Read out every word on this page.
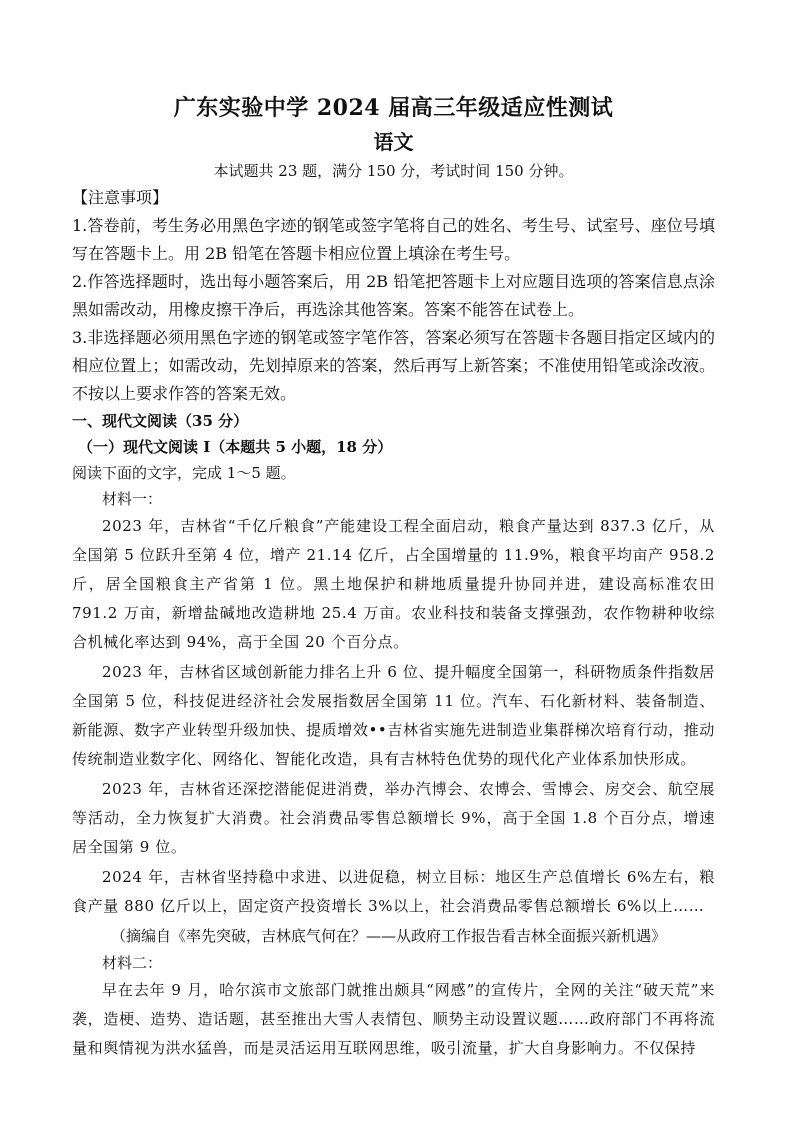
广东实验中学 2024 届高三年级适应性测试
语文

本试题共 23 题，满分 150 分，考试时间 150 分钟。

【注意事项】

1.答卷前，考生务必用黑色字迹的钢笔或签字笔将自己的姓名、考生号、试室号、座位号填写在答题卡上。用 2B 铅笔在答题卡相应位置上填涂在考生号。

2.作答选择题时，选出每小题答案后，用 2B 铅笔把答题卡上对应题目选项的答案信息点涂黑如需改动，用橡皮擦干净后，再选涂其他答案。答案不能答在试卷上。

3.非选择题必须用黑色字迹的钢笔或签字笔作答，答案必须写在答题卡各题目指定区域内的相应位置上；如需改动，先划掉原来的答案，然后再写上新答案；不准使用铅笔或涂改液。不按以上要求作答的答案无效。

一、现代文阅读（35 分）

（一）现代文阅读 I（本题共 5 小题，18 分）

阅读下面的文字，完成 1～5 题。

材料一：

2023 年，吉林省“千亿斤粮食”产能建设工程全面启动，粮食产量达到 837.3 亿斤，从全国第 5 位跃升至第 4 位，增产 21.14 亿斤，占全国增量的 11.9%，粮食平均亩产 958.2 斤，居全国粮食主产省第 1 位。黑土地保护和耕地质量提升协同并进，建设高标准农田 791.2 万亩，新增盐碱地改造耕地 25.4 万亩。农业科技和装备支撑强劲，农作物耕种收综合机械化率达到 94%，高于全国 20 个百分点。

2023 年，吉林省区域创新能力排名上升 6 位、提升幅度全国第一，科研物质条件指数居全国第 5 位，科技促进经济社会发展指数居全国第 11 位。汽车、石化新材料、装备制造、新能源、数字产业转型升级加快、提质增效••吉林省实施先进制造业集群梯次培育行动，推动传统制造业数字化、网络化、智能化改造，具有吉林特色优势的现代化产业体系加快形成。

2023 年，吉林省还深挖潜能促进消费，举办汽博会、农博会、雪博会、房交会、航空展等活动，全力恢复扩大消费。社会消费品零售总额增长 9%，高于全国 1.8 个百分点，增速居全国第 9 位。

2024 年，吉林省坚持稳中求进、以进促稳，树立目标：地区生产总值增长 6%左右，粮食产量 880 亿斤以上，固定资产投资增长 3%以上，社会消费品零售总额增长 6%以上……

（摘编自《率先突破，吉林底气何在？——从政府工作报告看吉林全面振兴新机遇》

材料二：

早在去年 9 月，哈尔滨市文旅部门就推出颇具“网感”的宣传片，全网的关注“破天荒”来袭，造梗、造势、造话题，甚至推出大雪人表情包、顺势主动设置议题……政府部门不再将流量和舆情视为洪水猛兽，而是灵活运用互联网思维，吸引流量，扩大自身影响力。不仅保持
